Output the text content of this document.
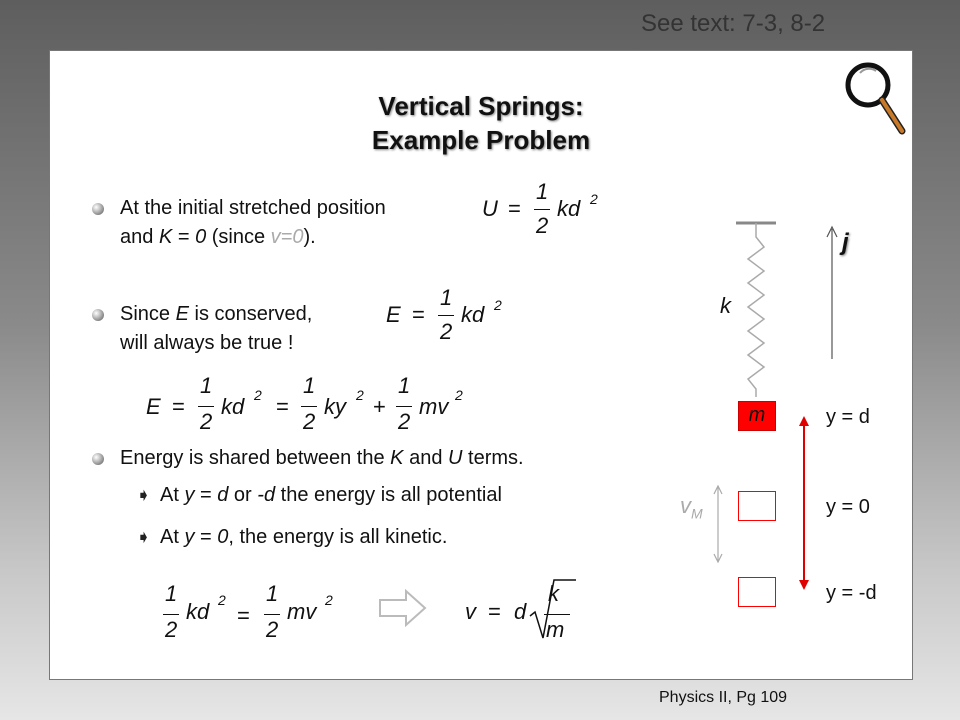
See text: 7-3, 8-2
Vertical Springs:
Example Problem
At the initial stretched position
and K = 0 (since v=0).
U =
1
2
kd 2
Since E is conserved,
will always be true !
E =
1
2
kd 2
E =
1
2
kd 2 =
1
2
ky 2 +
1
2
mv 2
Energy is shared between the K and U terms.
➧ At y = d or -d the energy is all potential
➧ At y = 0, the energy is all kinetic.
1
2
kd 2
=
1
2
mv 2	v = d
k
m
k
j
m
$v_M$
y = d
y = 0
y = -d
Physics II, Pg 109
